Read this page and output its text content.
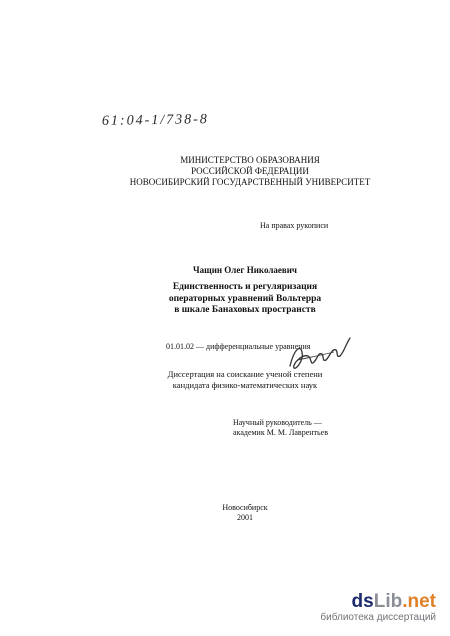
61:04-1/738-8
МИНИСТЕРСТВО ОБРАЗОВАНИЯ
РОССИЙСКОЙ ФЕДЕРАЦИИ
НОВОСИБИРСКИЙ ГОСУДАРСТВЕННЫЙ УНИВЕРСИТЕТ
На правах рукописи
Чащин Олег Николаевич
Единственность и регуляризация
операторных уравнений Вольтерра
в шкале Банаховых пространств
01.01.02 — дифференциальные уравнения
Диссертация на соискание ученой степени
кандидата физико-математических наук
Научный руководитель —
академик М. М. Лаврентьев
Новосибирск
2001
dsLib.net
библиотека диссертаций
